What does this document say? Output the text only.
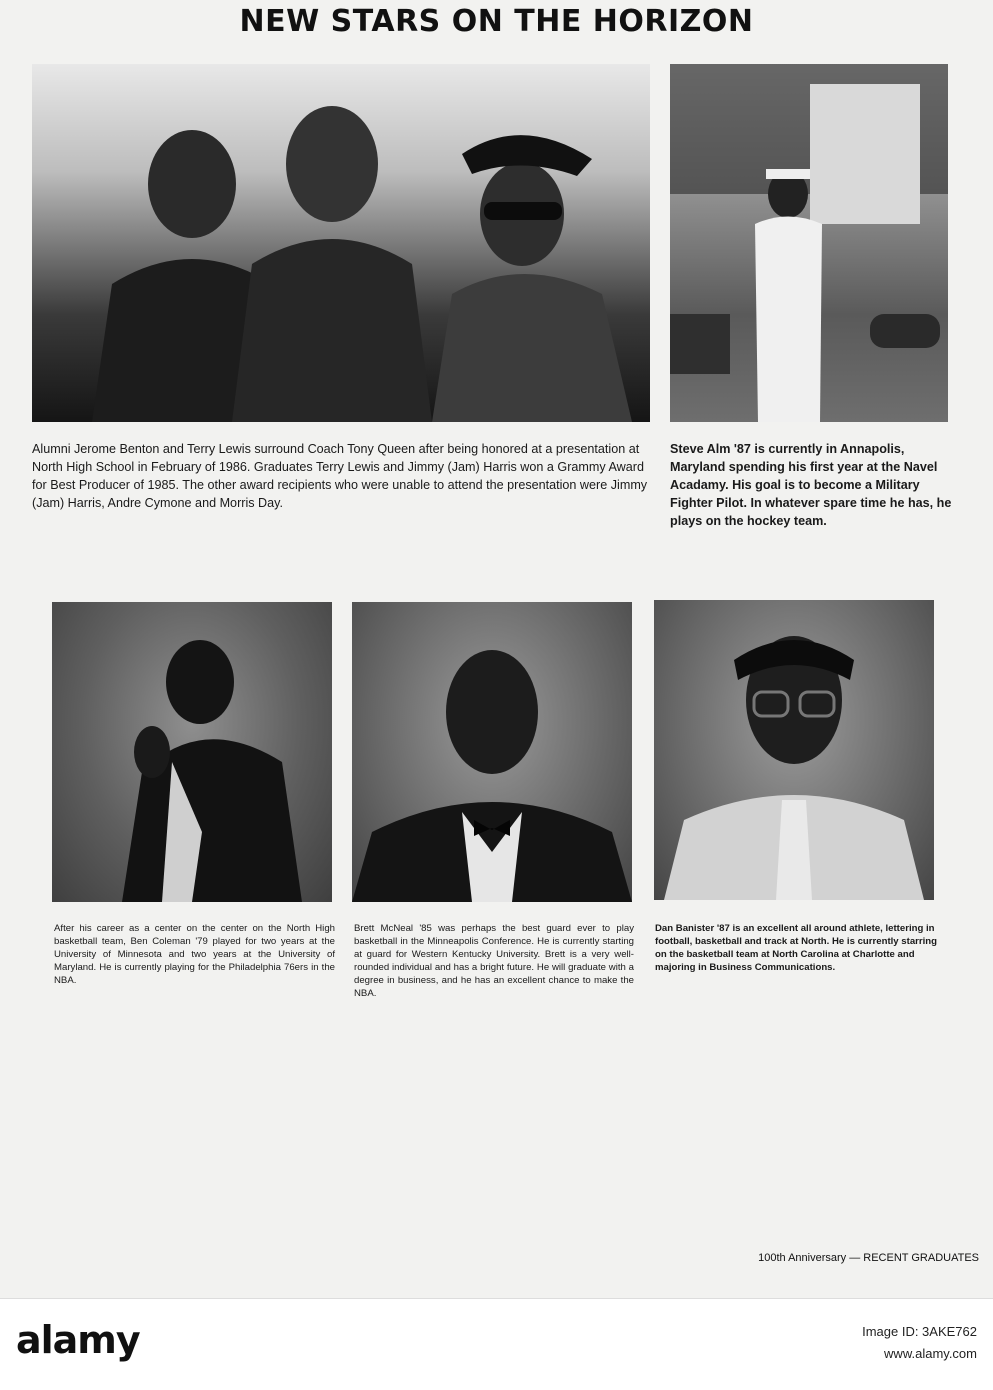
NEW STARS ON THE HORIZON
Alumni Jerome Benton and Terry Lewis surround Coach Tony Queen after being honored at a presentation at North High School in February of 1986. Graduates Terry Lewis and Jimmy (Jam) Harris won a Grammy Award for Best Producer of 1985. The other award recipients who were unable to attend the presentation were Jimmy (Jam) Harris, Andre Cymone and Morris Day.
Steve Alm '87 is currently in Annapolis, Maryland spending his first year at the Navel Acadamy. His goal is to become a Military Fighter Pilot. In whatever spare time he has, he plays on the hockey team.
After his career as a center on the center on the North High basketball team, Ben Coleman '79 played for two years at the University of Minnesota and two years at the University of Maryland. He is currently playing for the Philadelphia 76ers in the NBA.
Brett McNeal '85 was perhaps the best guard ever to play basketball in the Minneapolis Conference. He is currently starting at guard for Western Kentucky University. Brett is a very well-rounded individual and has a bright future. He will graduate with a degree in business, and he has an excellent chance to make the NBA.
Dan Banister '87 is an excellent all around athlete, lettering in football, basketball and track at North. He is currently starring on the basketball team at North Carolina at Charlotte and majoring in Business Communications.
100th Anniversary — RECENT GRADUATES
alamy	Image ID: 3AKE762
www.alamy.com
